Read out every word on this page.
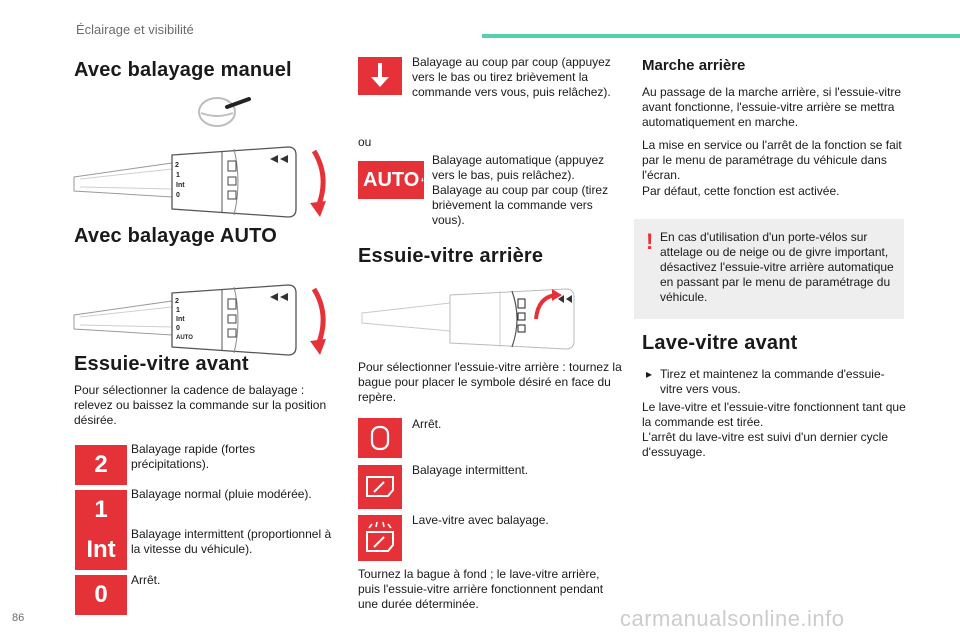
Éclairage et visibilité
Avec balayage manuel
2
1
Int
0
Avec balayage AUTO
2
1
Int
0
AUTO
Essuie-vitre avant

Pour sélectionner la cadence de balayage : relevez ou baissez la commande sur la position désirée.

2

Balayage rapide (fortes précipitations).

1

Balayage normal (pluie modérée).

Int

Balayage intermittent (proportionnel à la vitesse du véhicule).

0

Arrêt.

Balayage au coup par coup (appuyez vers le bas ou tirez brièvement la commande vers vous, puis relâchez).

ou

AUTO

Balayage automatique (appuyez vers le bas, puis relâchez). Balayage au coup par coup (tirez brièvement la commande vers vous).

Essuie-vitre arrière

Pour sélectionner l'essuie-vitre arrière : tournez la bague pour placer le symbole désiré en face du repère.

Arrêt.

Balayage intermittent.

Lave-vitre avec balayage.

Tournez la bague à fond ; le lave-vitre arrière, puis l'essuie-vitre arrière fonctionnent pendant une durée déterminée.

Marche arrière

Au passage de la marche arrière, si l'essuie-vitre avant fonctionne, l'essuie-vitre arrière se mettra automatiquement en marche.

La mise en service ou l'arrêt de la fonction se fait par le menu de paramétrage du véhicule dans l'écran.

Par défaut, cette fonction est activée.

! En cas d'utilisation d'un porte-vélos sur attelage ou de neige ou de givre important, désactivez l'essuie-vitre arrière automatique en passant par le menu de paramétrage du véhicule.

Lave-vitre avant
▸ Tirez et maintenez la commande d'essuie-vitre vers vous.

Le lave-vitre et l'essuie-vitre fonctionnent tant que la commande est tirée.

L'arrêt du lave-vitre est suivi d'un dernier cycle d'essuyage.

86	carmanualsonline.info
